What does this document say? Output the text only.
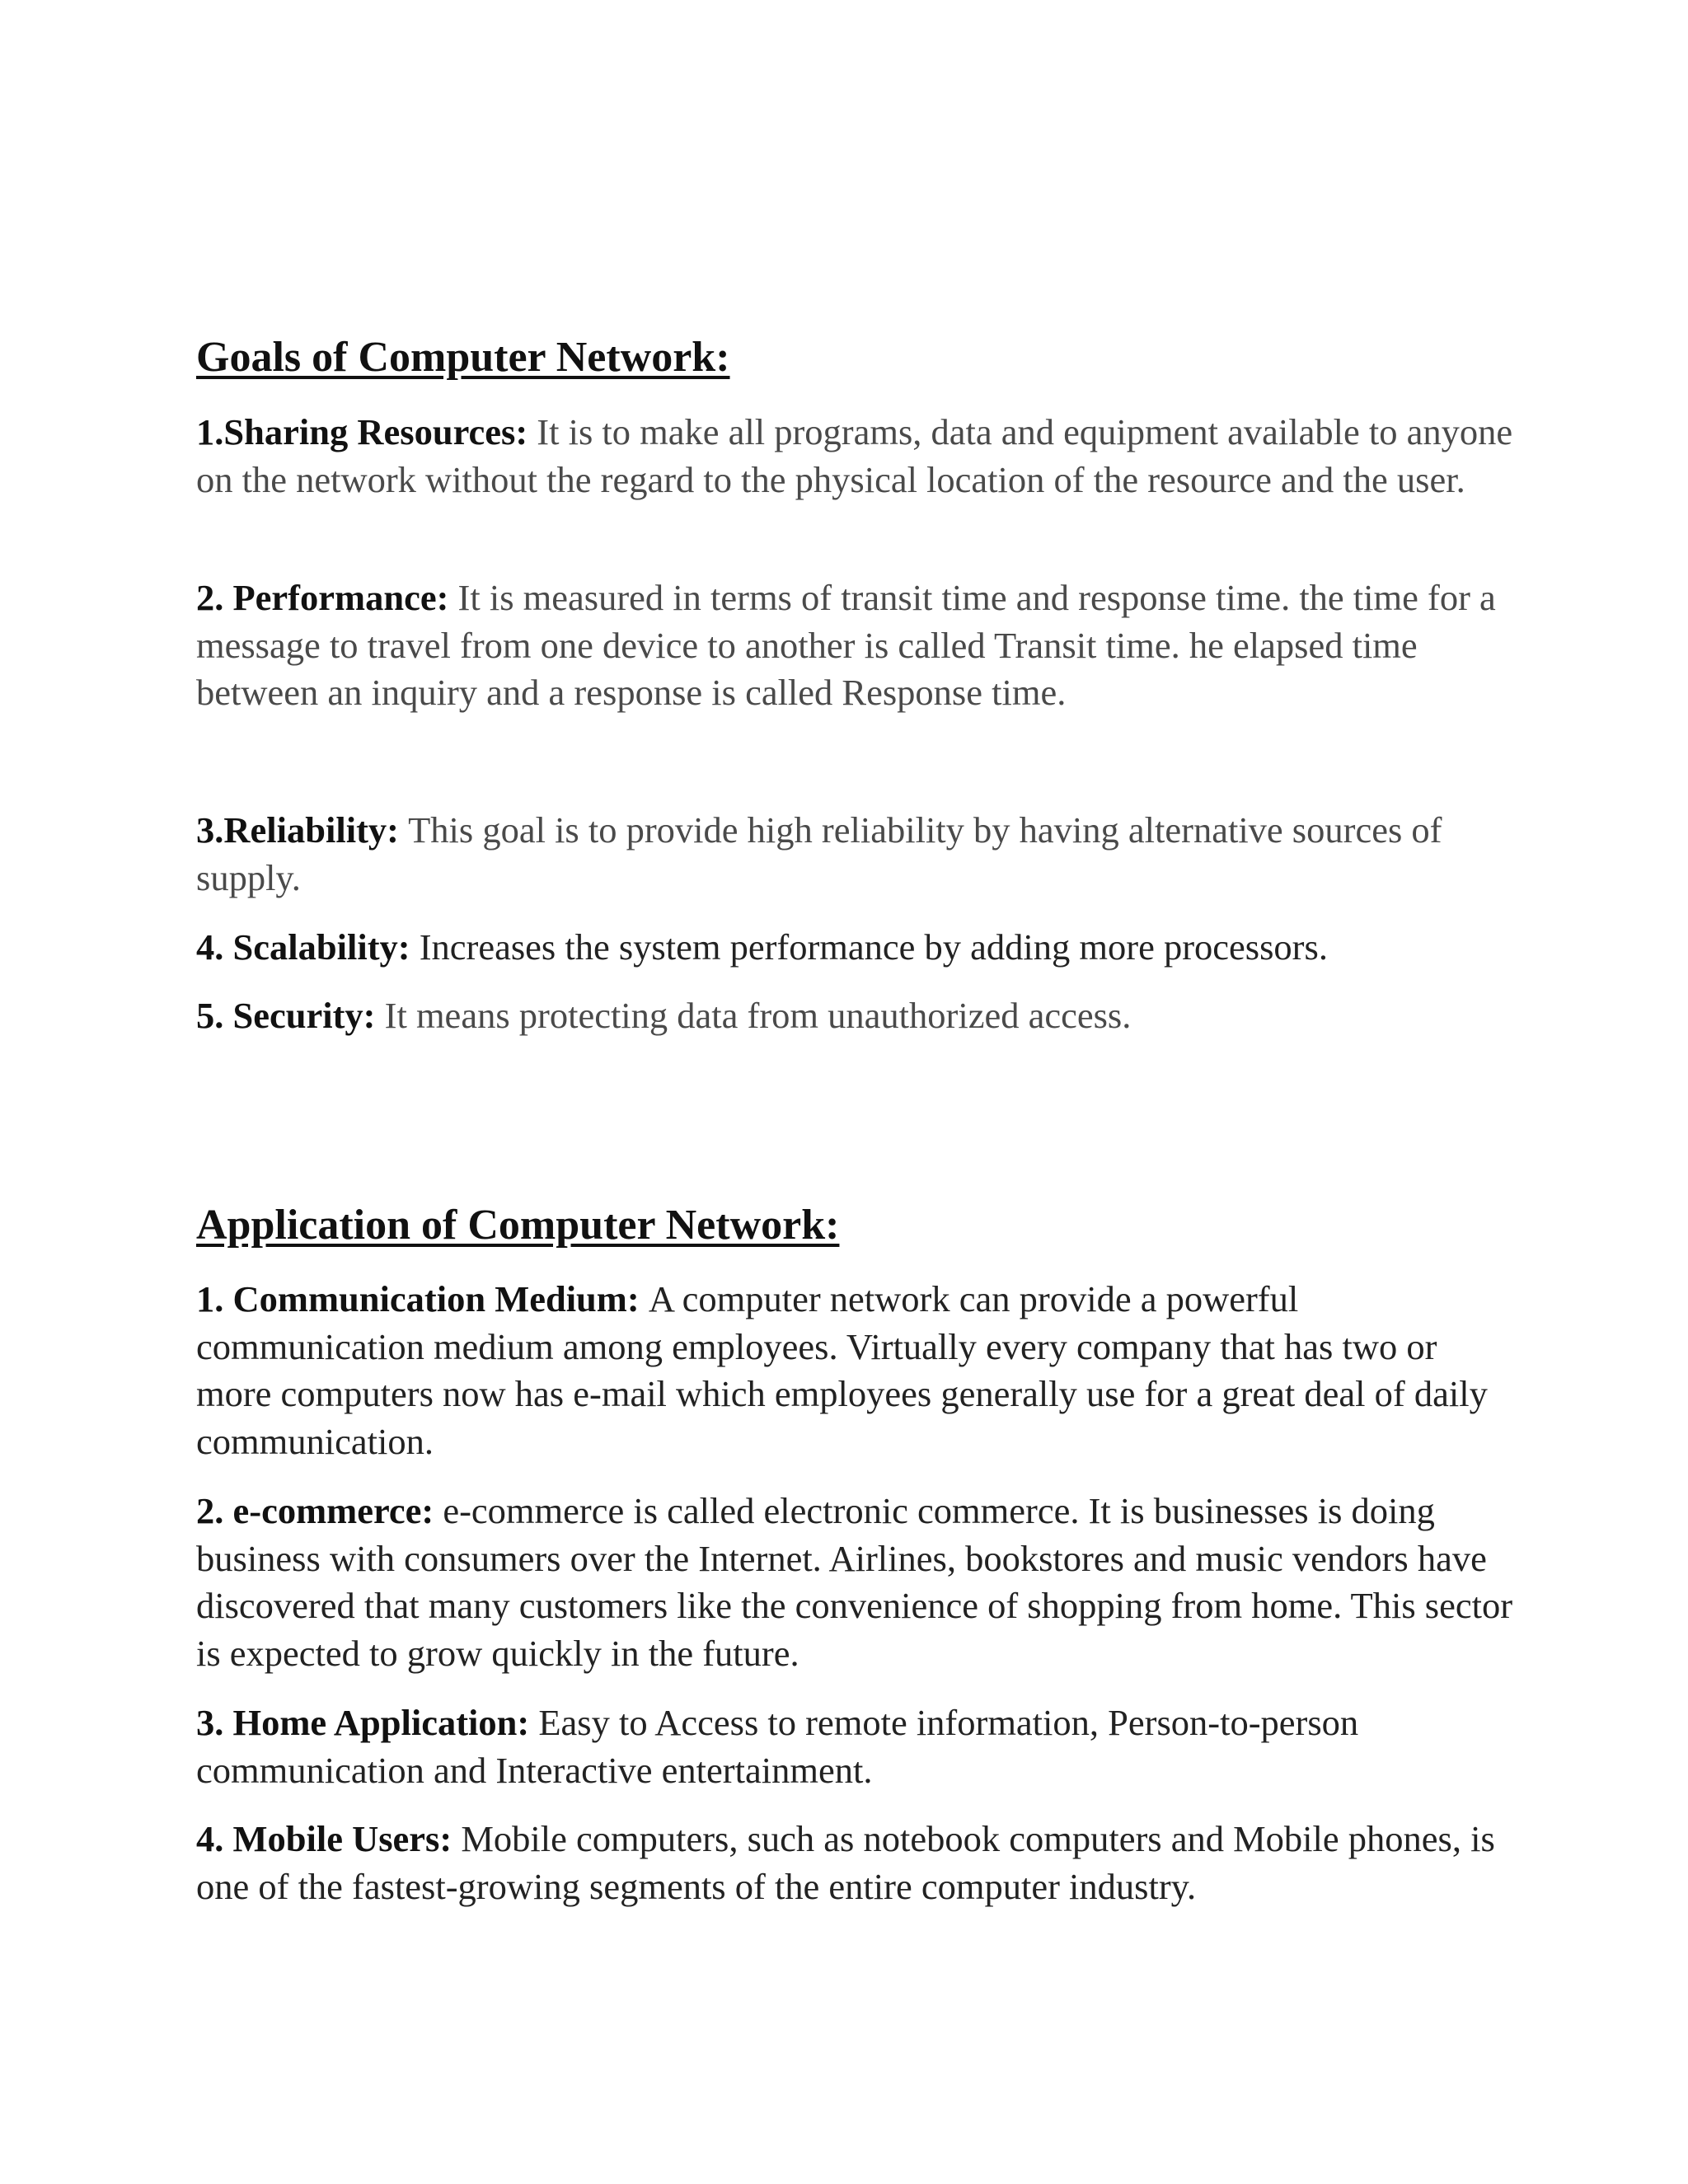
Goals of Computer Network:

1.Sharing Resources: It is to make all programs, data and equipment available to anyone on the network without the regard to the physical location of the resource and the user.

2. Performance: It is measured in terms of transit time and response time. the time for a message to travel from one device to another is called Transit time. he elapsed time between an inquiry and a response is called Response time.

3.Reliability: This goal is to provide high reliability by having alternative sources of supply.

4. Scalability: Increases the system performance by adding more processors.

5. Security: It means protecting data from unauthorized access.

Application of Computer Network:

1. Communication Medium: A computer network can provide a powerful communication medium among employees. Virtually every company that has two or more computers now has e-mail which employees generally use for a great deal of daily communication.

2. e-commerce: e-commerce is called electronic commerce. It is businesses is doing business with consumers over the Internet. Airlines, bookstores and music vendors have discovered that many customers like the convenience of shopping from home. This sector is expected to grow quickly in the future.

3. Home Application: Easy to Access to remote information, Person-to-person communication and Interactive entertainment.

4. Mobile Users: Mobile computers, such as notebook computers and Mobile phones, is one of the fastest-growing segments of the entire computer industry.
